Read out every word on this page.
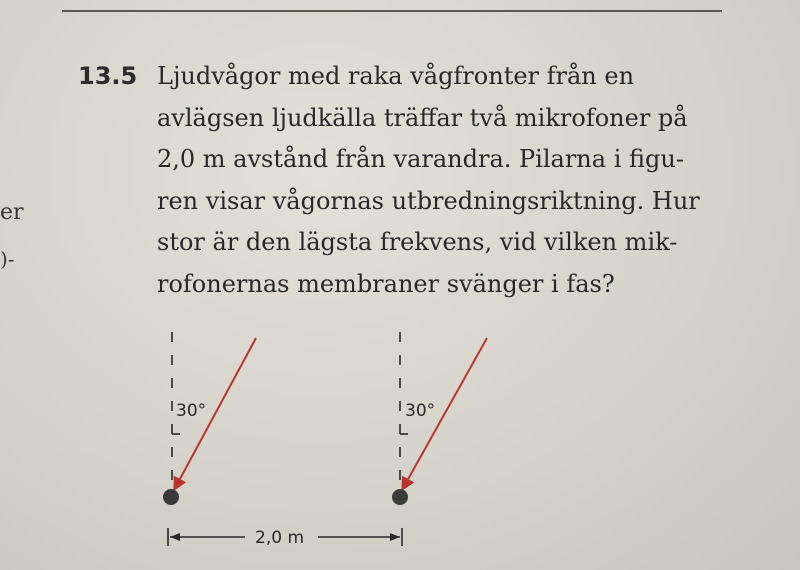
er
)-
13.5 Ljudvågor med raka vågfronter från en
avlägsen ljudkälla träffar två mikrofoner på
2,0 m avstånd från varandra. Pilarna i figu-
ren visar vågornas utbredningsriktning. Hur
stor är den lägsta frekvens, vid vilken mik-
rofonernas membraner svänger i fas?
30°	30°
2,0 m
